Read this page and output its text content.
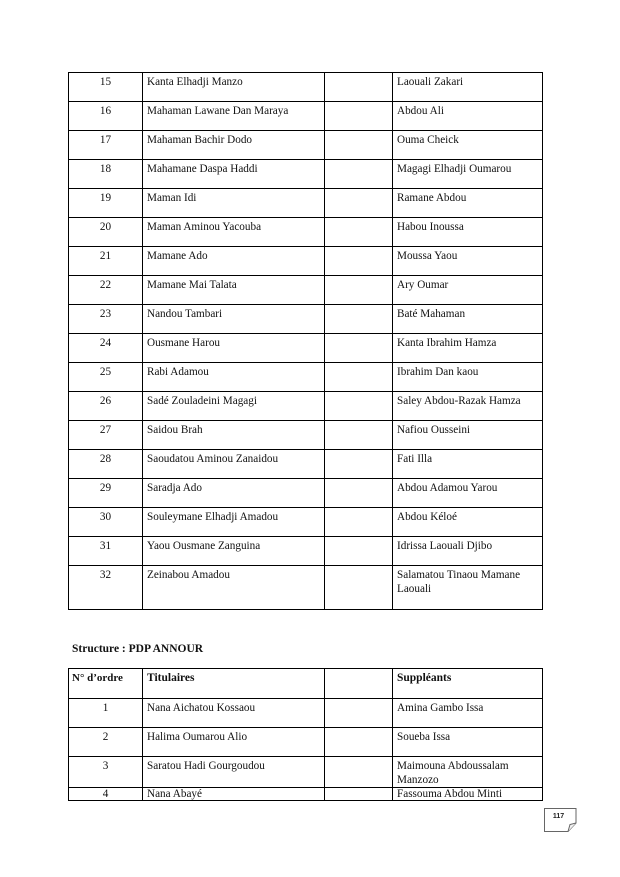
15	Kanta Elhadji Manzo		Laouali Zakari
16	Mahaman Lawane Dan Maraya		Abdou Ali
17	Mahaman Bachir Dodo		Ouma Cheick
18	Mahamane Daspa Haddi		Magagi Elhadji Oumarou
19	Maman Idi		Ramane Abdou
20	Maman Aminou Yacouba		Habou Inoussa
21	Mamane Ado		Moussa Yaou
22	Mamane Mai Talata		Ary Oumar
23	Nandou Tambari		Baté Mahaman
24	Ousmane Harou		Kanta Ibrahim Hamza
25	Rabi Adamou		Ibrahim Dan kaou
26	Sadé Zouladeini Magagi		Saley Abdou-Razak Hamza
27	Saidou Brah		Nafiou Ousseini
28	Saoudatou Aminou Zanaidou		Fati Illa
29	Saradja Ado		Abdou Adamou Yarou
30	Souleymane Elhadji Amadou		Abdou Kéloé
31	Yaou Ousmane Zanguina		Idrissa Laouali Djibo
32	Zeinabou Amadou		Salamatou Tinaou Mamane Laouali
Structure : PDP ANNOUR
N° d’ordre	Titulaires		Suppléants
1	Nana Aichatou Kossaou		Amina Gambo Issa
2	Halima Oumarou Alio		Soueba Issa
3	Saratou Hadi Gourgoudou		Maimouna Abdoussalam Manzozo
4	Nana Abayé		Fassouma Abdou Minti
117
